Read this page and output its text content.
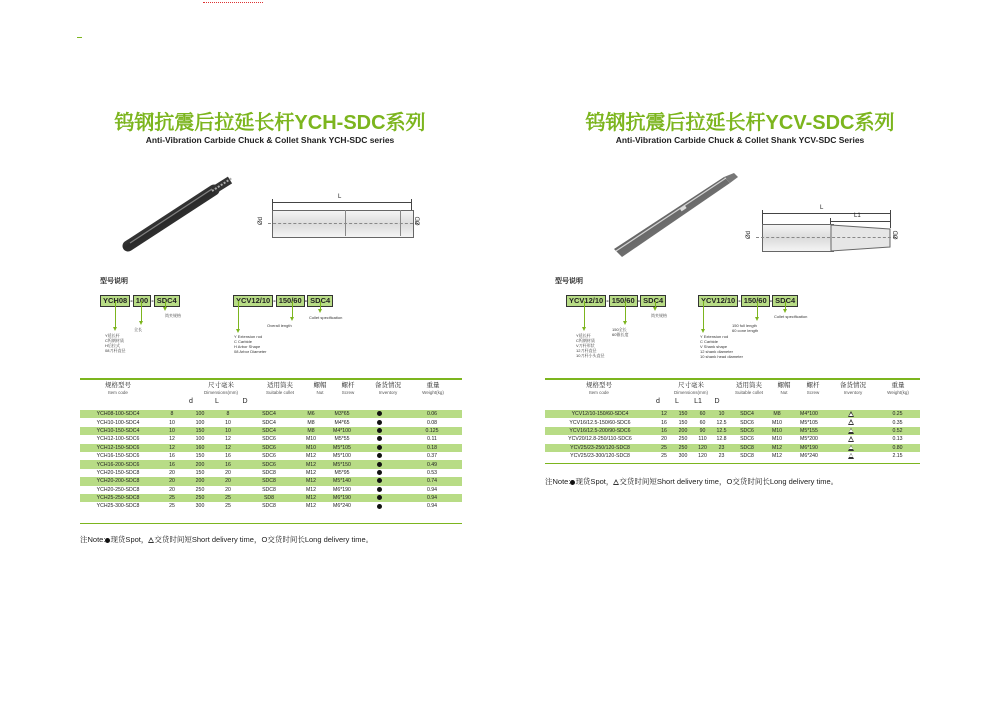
钨钢抗震后拉延长杆YCH-SDC系列
Anti-Vibration Carbide Chuck & Collet Shank YCH-SDC series
L
Ød	ØD
型号说明
YCH08 - 100 - SDC4
筒夹规格
全长
Y延长杆
C钨钢材质
H后拉式
08刀杆直径
YCV12/10 - 150/60 - SDC4
Collet specification
Overall length
Y Extension rod
C Carbide
H Arbor Shape
08 Arbor Diameter
规格型号
Item code
尺寸毫米
Dimensions(mm)
适用筒夹
Suitable collet
螺帽
Nut
螺杆
Screw
备货情况
Inventory
重量
Weight(kg)
d	L	D
YCH08-100-SDC4	8	100	8	SDC4	M6	M3*65		0.06
YCH10-100-SDC4	10	100	10	SDC4	M8	M4*65		0.08
YCH10-150-SDC4	10	150	10	SDC4	M8	M4*100		0.125
YCH12-100-SDC6	12	100	12	SDC6	M10	M5*55		0.11
YCH12-150-SDC6	12	160	12	SDC6	M10	M5*105		0.18
YCH16-150-SDC6	16	150	16	SDC6	M12	M5*100		0.37
YCH16-200-SDC6	16	200	16	SDC6	M12	M5*150		0.49
YCH20-150-SDC8	20	150	20	SDC8	M12	M5*95		0.53
YCH20-200-SDC8	20	200	20	SDC8	M12	M5*140		0.74
YCH20-250-SDC8	20	250	20	SDC8	M12	M6*190		0.94
YCH25-250-SDC8	25	250	25	SD8	M12	M6*190		0.94
YCH25-300-SDC8	25	300	25	SDC8	M12	M6*240		0.94
注Note: 现货Spot， 交货时间短Short delivery time，O交货时间长Long delivery time。
钨钢抗震后拉延长杆YCV-SDC系列
Anti-Vibration Carbide Chuck & Collet Shank YCV-SDC Series
L
L1
Ød	ØD
型号说明
YCV12/10 - 150/60 - SDC4
筒夹规格
150全长
60锥长度
Y延长杆
C钨钢材质
V刀杆形状
12刀杆直径
10刀杆小头直径
YCV12/10 - 150/60 - SDC4
Collet specification
150 full length
60 cone length
Y Extension rod
C Carbide
V Shank shape
12 shank diameter
10 shank head diameter
规格型号
Item code
尺寸毫米
Dimensions(mm)
适用筒夹
Suitable collet
螺帽
Nut
螺杆
Screw
备货情况
Inventory
重量
Weight(kg)
d	L	L1	D
YCV12/10-150/60-SDC4	12	150	60	10	SDC4	M8	M4*100		0.25
YCV16/12.5-150/60-SDC6	16	150	60	12.5	SDC6	M10	M5*105		0.35
YCV16/12.5-200/90-SDC6	16	200	90	12.5	SDC6	M10	M5*155		0.52
YCV20/12.8-250/110-SDC6	20	250	110	12.8	SDC6	M10	M5*200		0.13
YCV25/23-250/120-SDC8	25	250	120	23	SDC8	M12	M6*190		0.80
YCV25/23-300/120-SDC8	25	300	120	23	SDC8	M12	M6*240		2.15
注Note: 现货Spot， 交货时间短Short delivery time，O交货时间长Long delivery time。
